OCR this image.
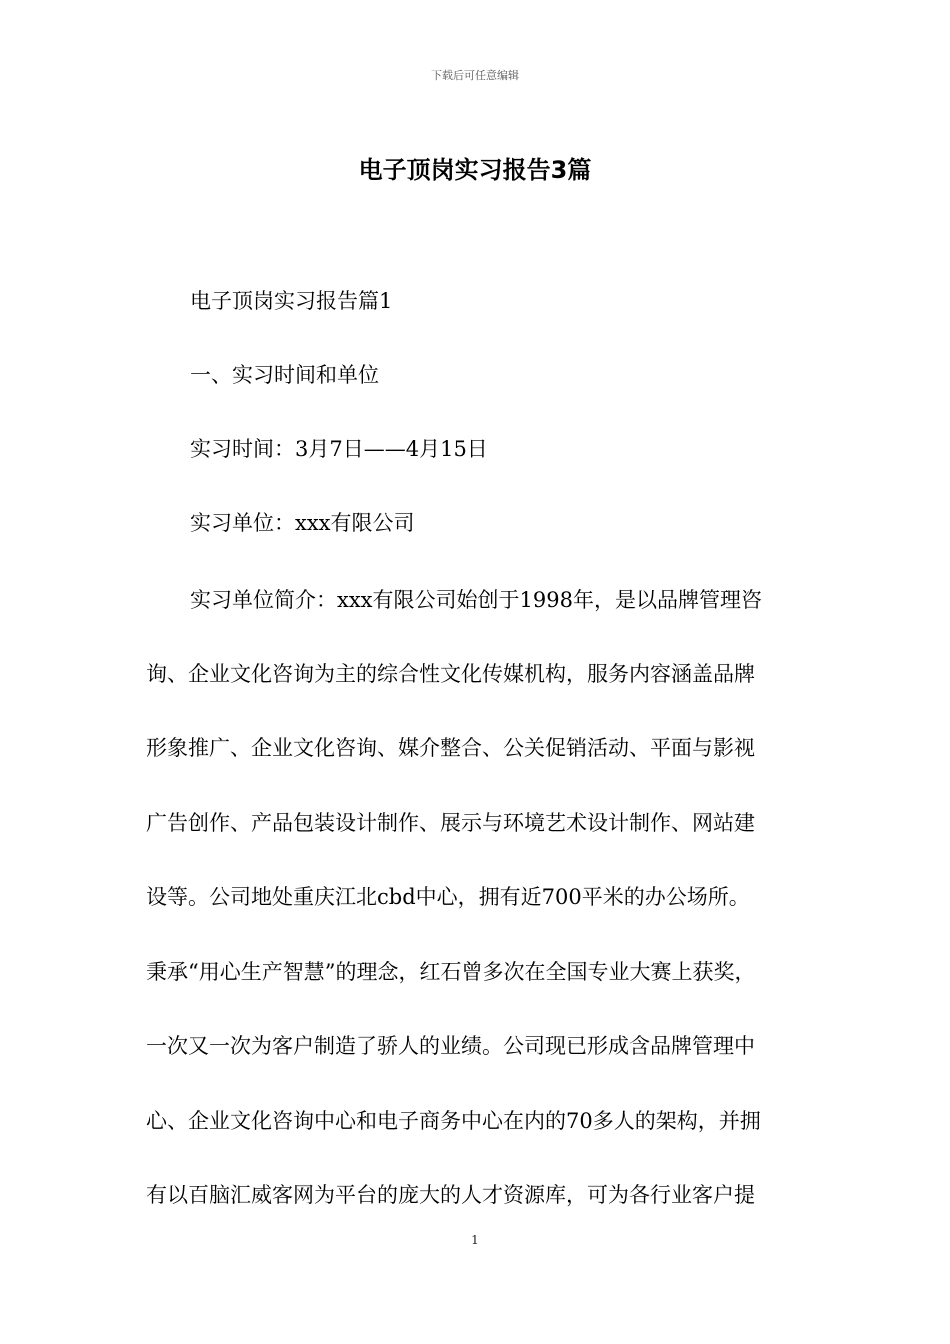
下载后可任意编辑
电子顶岗实习报告3篇
电子顶岗实习报告篇1
一、实习时间和单位
实习时间：3月7日——4月15日
实习单位：xxx有限公司
实习单位简介：xxx有限公司始创于1998年，是以品牌管理咨
询、企业文化咨询为主的综合性文化传媒机构，服务内容涵盖品牌
形象推广、企业文化咨询、媒介整合、公关促销活动、平面与影视
广告创作、产品包装设计制作、展示与环境艺术设计制作、网站建
设等。公司地处重庆江北cbd中心，拥有近700平米的办公场所。
秉承“用心生产智慧”的理念，红石曾多次在全国专业大赛上获奖，
一次又一次为客户制造了骄人的业绩。公司现已形成含品牌管理中
心、企业文化咨询中心和电子商务中心在内的70多人的架构，并拥
有以百脑汇威客网为平台的庞大的人才资源库，可为各行业客户提
1
